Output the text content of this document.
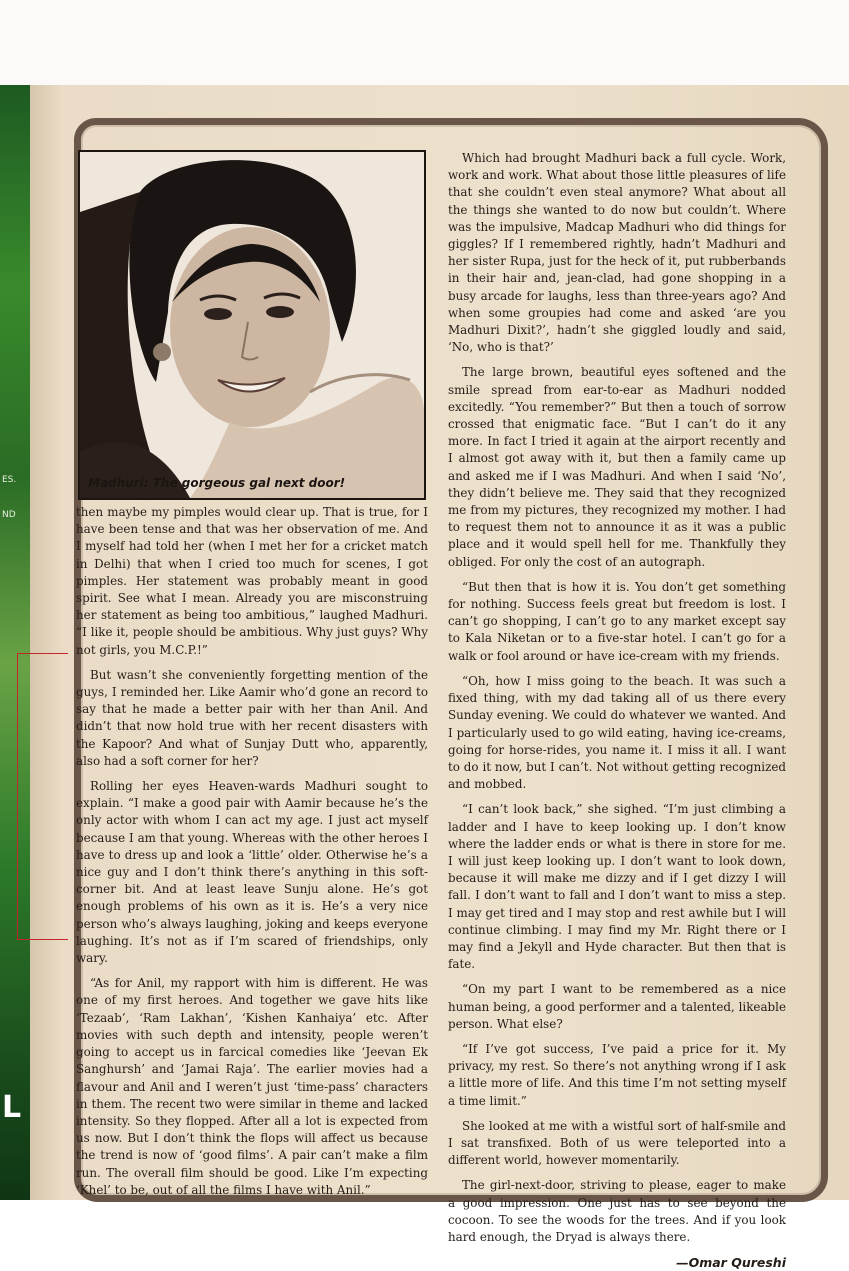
ES.
ND
L
7049
Madhuri: The gorgeous gal next door!

then maybe my pimples would clear up. That is true, for I have been tense and that was her observation of me. And I myself had told her (when I met her for a cricket match in Delhi) that when I cried too much for scenes, I got pimples. Her statement was probably meant in good spirit. See what I mean. Already you are misconstruing her statement as being too ambitious,” laughed Madhuri. “I like it, people should be ambitious. Why just guys? Why not girls, you M.C.P.!”

But wasn’t she conveniently forgetting mention of the guys, I reminded her. Like Aamir who’d gone an record to say that he made a better pair with her than Anil. And didn’t that now hold true with her recent disasters with the Kapoor? And what of Sunjay Dutt who, apparently, also had a soft corner for her?

Rolling her eyes Heaven-wards Madhuri sought to explain. “I make a good pair with Aamir because he’s the only actor with whom I can act my age. I just act myself because I am that young. Whereas with the other heroes I have to dress up and look a ‘little’ older. Otherwise he’s a nice guy and I don’t think there’s anything in this soft-corner bit. And at least leave Sunju alone. He’s got enough problems of his own as it is. He’s a very nice person who’s always laughing, joking and keeps everyone laughing. It’s not as if I’m scared of friendships, only wary.

“As for Anil, my rapport with him is different. He was one of my first heroes. And together we gave hits like ‘Tezaab’, ‘Ram Lakhan’, ‘Kishen Kanhaiya’ etc. After movies with such depth and intensity, people weren’t going to accept us in farcical comedies like ‘Jeevan Ek Sanghursh’ and ‘Jamai Raja’. The earlier movies had a flavour and Anil and I weren’t just ‘time-pass’ characters in them. The recent two were similar in theme and lacked intensity. So they flopped. After all a lot is expected from us now. But I don’t think the flops will affect us because the trend is now of ‘good films’. A pair can’t make a film run. The overall film should be good. Like I’m expecting ‘Khel’ to be, out of all the films I have with Anil.”

Which had brought Madhuri back a full cycle. Work, work and work. What about those little pleasures of life that she couldn’t even steal anymore? What about all the things she wanted to do now but couldn’t. Where was the impulsive, Madcap Madhuri who did things for giggles? If I remembered rightly, hadn’t Madhuri and her sister Rupa, just for the heck of it, put rubberbands in their hair and, jean-clad, had gone shopping in a busy arcade for laughs, less than three-years ago? And when some groupies had come and asked ‘are you Madhuri Dixit?’, hadn’t she giggled loudly and said, ‘No, who is that?’

The large brown, beautiful eyes softened and the smile spread from ear-to-ear as Madhuri nodded excitedly. “You remember?” But then a touch of sorrow crossed that enigmatic face. “But I can’t do it any more. In fact I tried it again at the airport recently and I almost got away with it, but then a family came up and asked me if I was Madhuri. And when I said ‘No’, they didn’t believe me. They said that they recognized me from my pictures, they recognized my mother. I had to request them not to announce it as it was a public place and it would spell hell for me. Thankfully they obliged. For only the cost of an autograph.

“But then that is how it is. You don’t get something for nothing. Success feels great but freedom is lost. I can’t go shopping, I can’t go to any market except say to Kala Niketan or to a five-star hotel. I can’t go for a walk or fool around or have ice-cream with my friends.

“Oh, how I miss going to the beach. It was such a fixed thing, with my dad taking all of us there every Sunday evening. We could do whatever we wanted. And I particularly used to go wild eating, having ice-creams, going for horse-rides, you name it. I miss it all. I want to do it now, but I can’t. Not without getting recognized and mobbed.

“I can’t look back,” she sighed. “I’m just climbing a ladder and I have to keep looking up. I don’t know where the ladder ends or what is there in store for me. I will just keep looking up. I don’t want to look down, because it will make me dizzy and if I get dizzy I will fall. I don’t want to fall and I don’t want to miss a step. I may get tired and I may stop and rest awhile but I will continue climbing. I may find my Mr. Right there or I may find a Jekyll and Hyde character. But then that is fate.

“On my part I want to be remembered as a nice human being, a good performer and a talented, likeable person. What else?

“If I’ve got success, I’ve paid a price for it. My privacy, my rest. So there’s not anything wrong if I ask a little more of life. And this time I’m not setting myself a time limit.”

She looked at me with a wistful sort of half-smile and I sat transfixed. Both of us were teleported into a different world, however momentarily.

The girl-next-door, striving to please, eager to make a good impression. One just has to see beyond the cocoon. To see the woods for the trees. And if you look hard enough, the Dryad is always there.

—Omar Qureshi
